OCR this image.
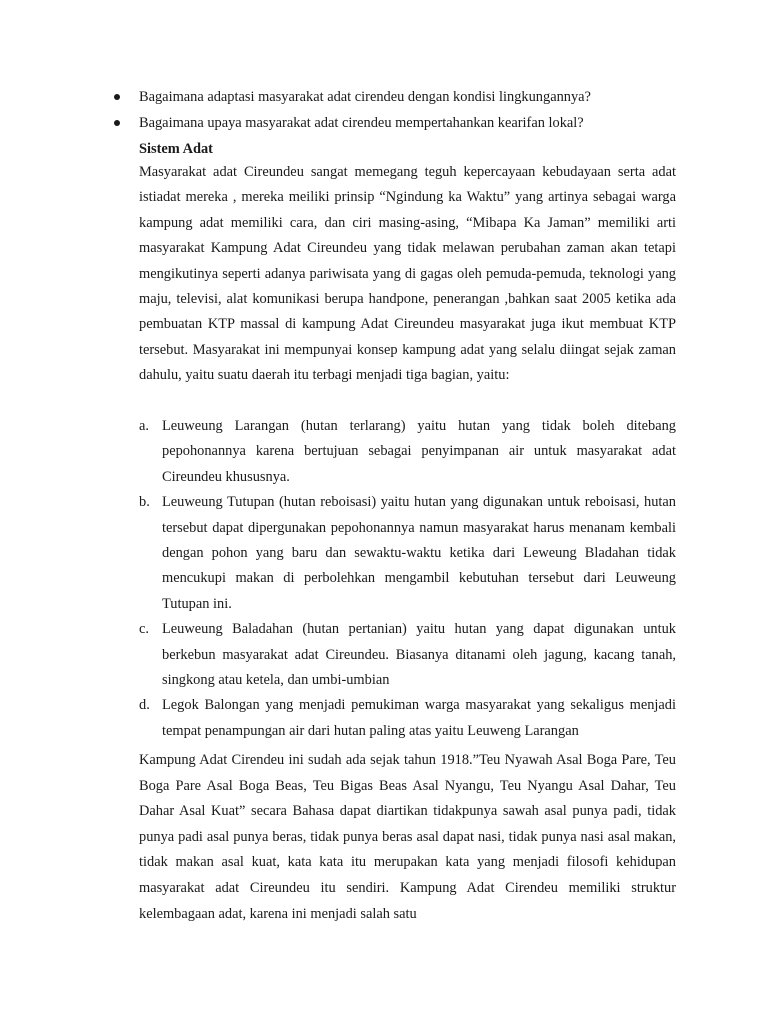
Bagaimana adaptasi masyarakat adat cirendeu dengan kondisi lingkungannya?
Bagaimana upaya masyarakat adat cirendeu mempertahankan kearifan lokal?
Sistem Adat

Masyarakat adat Cireundeu sangat memegang teguh kepercayaan kebudayaan serta adat istiadat mereka , mereka meiliki prinsip “Ngindung ka Waktu” yang artinya sebagai warga kampung adat memiliki cara, dan ciri masing-asing, “Mibapa Ka Jaman” memiliki arti masyarakat Kampung Adat Cireundeu yang tidak melawan perubahan zaman akan tetapi mengikutinya seperti adanya pariwisata yang di gagas oleh pemuda-pemuda, teknologi yang maju, televisi, alat komunikasi berupa handpone, penerangan ,bahkan saat 2005 ketika ada pembuatan KTP massal di kampung Adat Cireundeu masyarakat juga ikut membuat KTP tersebut. Masyarakat ini mempunyai konsep kampung adat yang selalu diingat sejak zaman dahulu, yaitu suatu daerah itu terbagi menjadi tiga bagian, yaitu:

a. Leuweung Larangan (hutan terlarang) yaitu hutan yang tidak boleh ditebang pepohonannya karena bertujuan sebagai penyimpanan air untuk masyarakat adat Cireundeu khususnya.
b. Leuweung Tutupan (hutan reboisasi) yaitu hutan yang digunakan untuk reboisasi, hutan tersebut dapat dipergunakan pepohonannya namun masyarakat harus menanam kembali dengan pohon yang baru dan sewaktu-waktu ketika dari Leweung Bladahan tidak mencukupi makan di perbolehkan mengambil kebutuhan tersebut dari Leuweung Tutupan ini.
c. Leuweung Baladahan (hutan pertanian) yaitu hutan yang dapat digunakan untuk berkebun masyarakat adat Cireundeu. Biasanya ditanami oleh jagung, kacang tanah, singkong atau ketela, dan umbi-umbian
d. Legok Balongan yang menjadi pemukiman warga masyarakat yang sekaligus menjadi tempat penampungan air dari hutan paling atas yaitu Leuweng Larangan

Kampung Adat Cirendeu ini sudah ada sejak tahun 1918.”Teu Nyawah Asal Boga Pare, Teu Boga Pare Asal Boga Beas, Teu Bigas Beas Asal Nyangu, Teu Nyangu Asal Dahar, Teu Dahar Asal Kuat” secara Bahasa dapat diartikan tidakpunya sawah asal punya padi, tidak punya padi asal punya beras, tidak punya beras asal dapat nasi, tidak punya nasi asal makan, tidak makan asal kuat, kata kata itu merupakan kata yang menjadi filosofi kehidupan masyarakat adat Cireundeu itu sendiri. Kampung Adat Cirendeu memiliki struktur kelembagaan adat, karena ini menjadi salah satu
